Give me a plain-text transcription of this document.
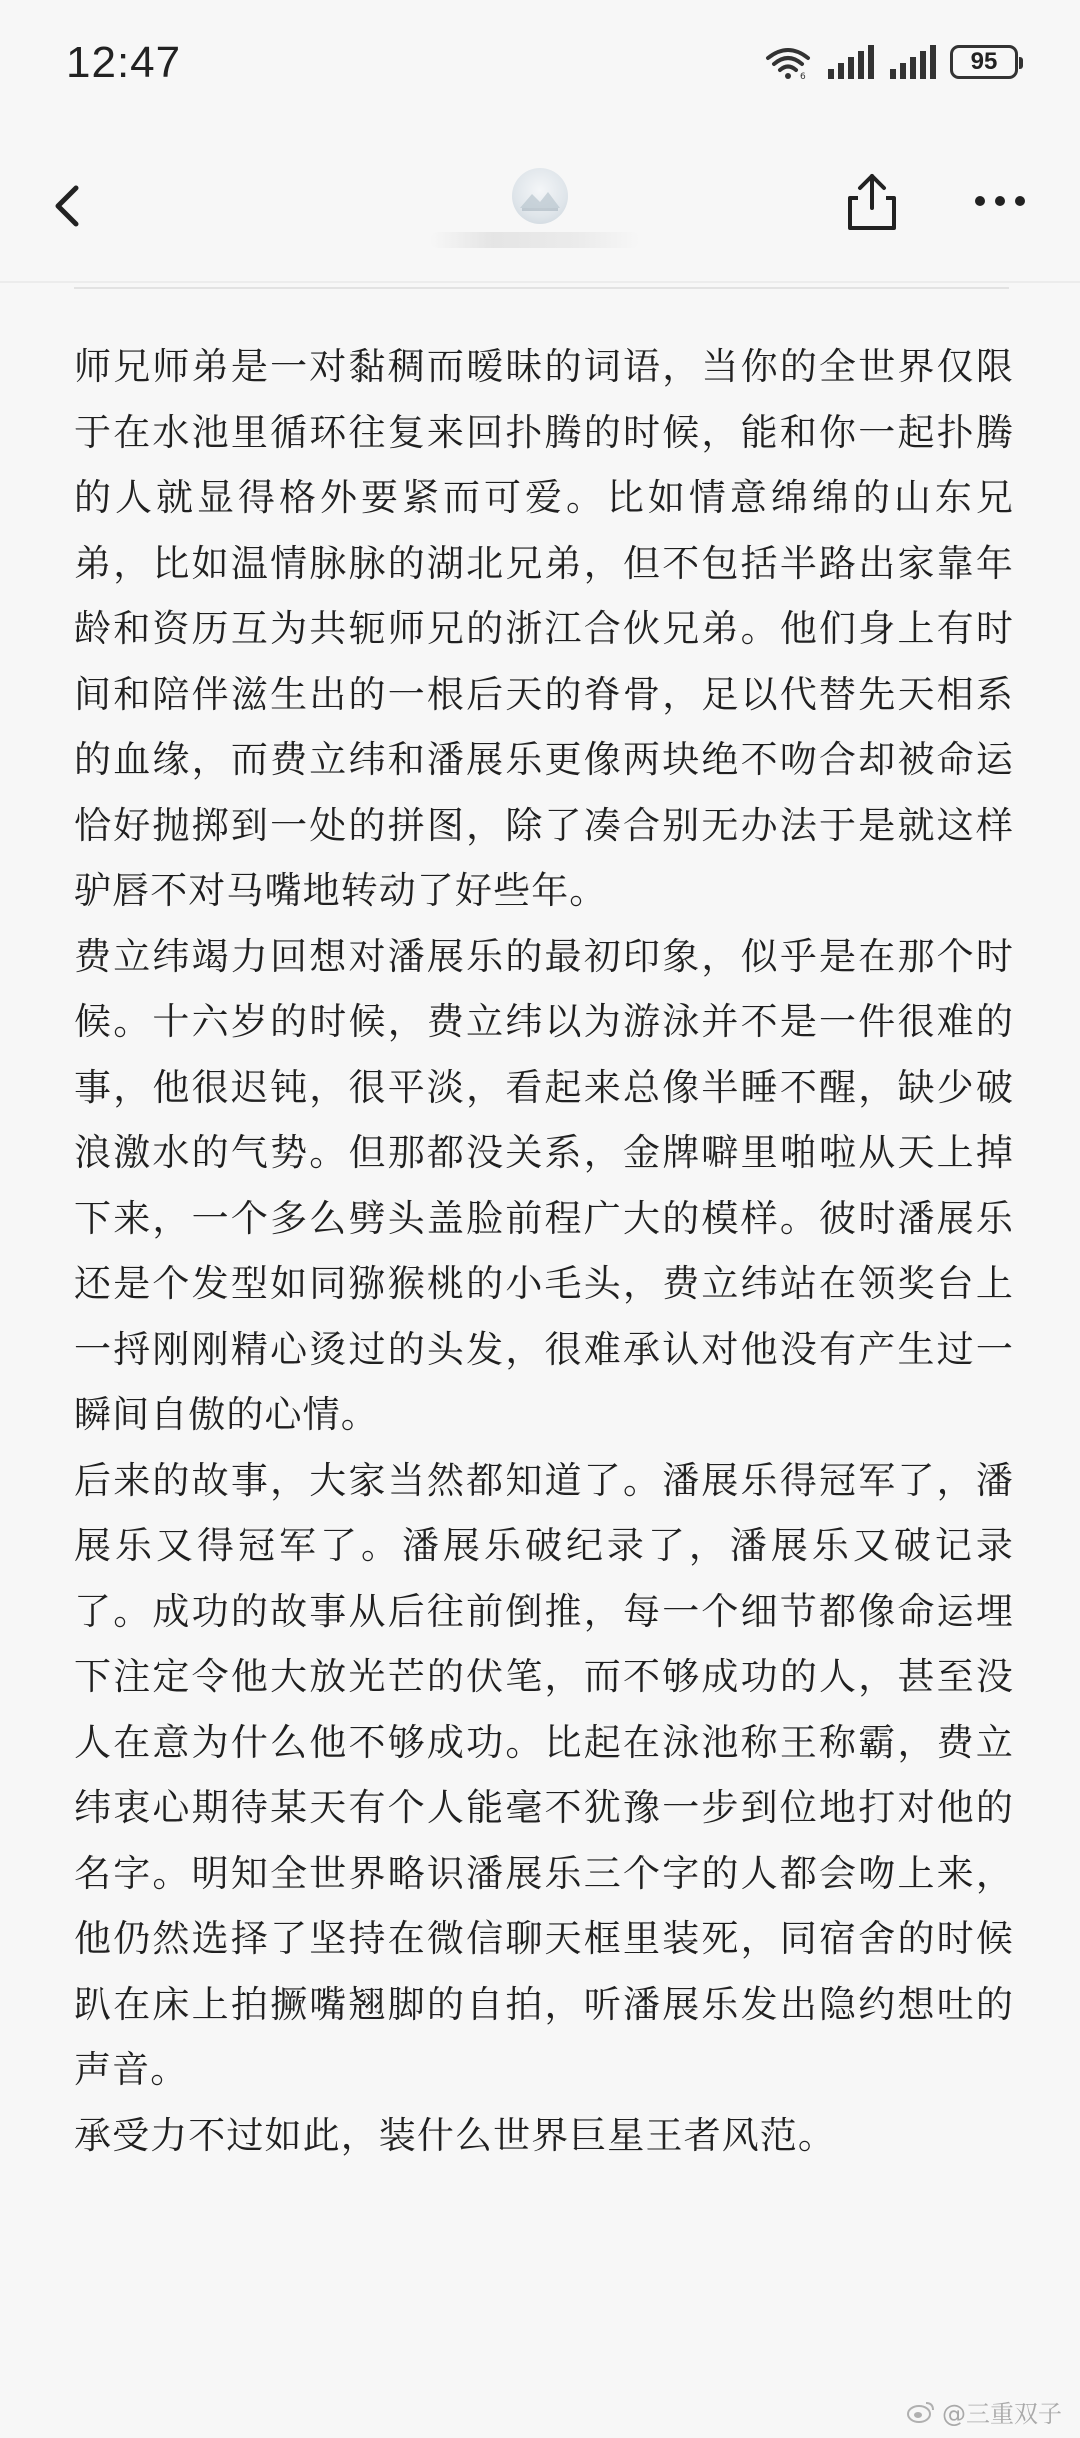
12:47	6
95

师兄师弟是一对黏稠而暧昧的词语，当你的全世界仅限于在水池里循环往复来回扑腾的时候，能和你一起扑腾的人就显得格外要紧而可爱。比如情意绵绵的山东兄弟，比如温情脉脉的湖北兄弟，但不包括半路出家靠年龄和资历互为共轭师兄的浙江合伙兄弟。他们身上有时间和陪伴滋生出的一根后天的脊骨，足以代替先天相系的血缘，而费立纬和潘展乐更像两块绝不吻合却被命运恰好抛掷到一处的拼图，除了凑合别无办法于是就这样驴唇不对马嘴地转动了好些年。

费立纬竭力回想对潘展乐的最初印象，似乎是在那个时候。十六岁的时候，费立纬以为游泳并不是一件很难的事，他很迟钝，很平淡，看起来总像半睡不醒，缺少破浪激水的气势。但那都没关系，金牌噼里啪啦从天上掉下来，一个多么劈头盖脸前程广大的模样。彼时潘展乐还是个发型如同猕猴桃的小毛头，费立纬站在领奖台上一捋刚刚精心烫过的头发，很难承认对他没有产生过一瞬间自傲的心情。

后来的故事，大家当然都知道了。潘展乐得冠军了，潘展乐又得冠军了。潘展乐破纪录了，潘展乐又破记录了。成功的故事从后往前倒推，每一个细节都像命运埋下注定令他大放光芒的伏笔，而不够成功的人，甚至没人在意为什么他不够成功。比起在泳池称王称霸，费立纬衷心期待某天有个人能毫不犹豫一步到位地打对他的名字。明知全世界略识潘展乐三个字的人都会吻上来，他仍然选择了坚持在微信聊天框里装死，同宿舍的时候趴在床上拍撅嘴翘脚的自拍，听潘展乐发出隐约想吐的声音。

承受力不过如此，装什么世界巨星王者风范。

@三重双子
